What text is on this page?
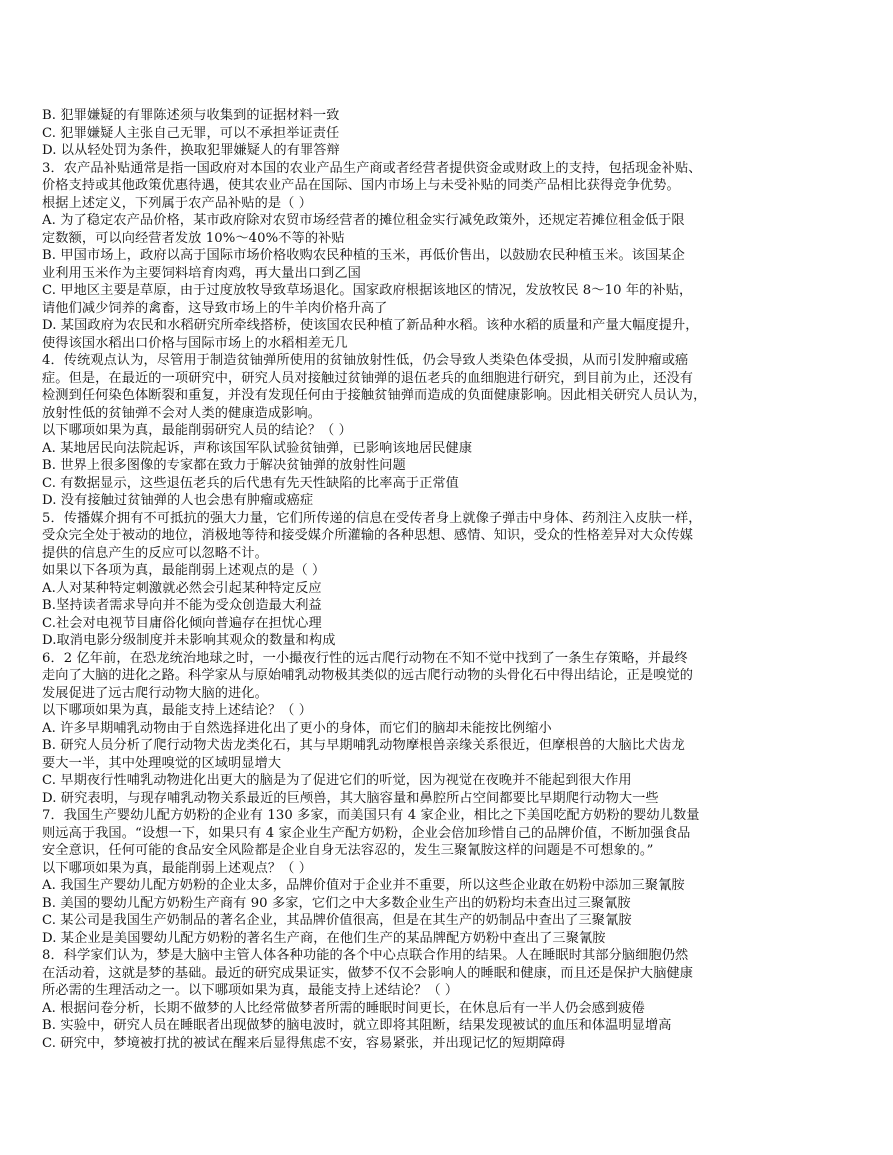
B. 犯罪嫌疑的有罪陈述须与收集到的证据材料一致
C. 犯罪嫌疑人主张自己无罪，可以不承担举证责任
D. 以从轻处罚为条件，换取犯罪嫌疑人的有罪答辩
3．农产品补贴通常是指一国政府对本国的农业产品生产商或者经营者提供资金或财政上的支持，包括现金补贴、
价格支持或其他政策优惠待遇，使其农业产品在国际、国内市场上与未受补贴的同类产品相比获得竞争优势。
根据上述定义，下列属于农产品补贴的是（ ）
A. 为了稳定农产品价格，某市政府除对农贸市场经营者的摊位租金实行减免政策外，还规定若摊位租金低于限
定数额，可以向经营者发放 10%～40%不等的补贴
B. 甲国市场上，政府以高于国际市场价格收购农民种植的玉米，再低价售出，以鼓励农民种植玉米。该国某企
业利用玉米作为主要饲料培育肉鸡，再大量出口到乙国
C. 甲地区主要是草原，由于过度放牧导致草场退化。国家政府根据该地区的情况，发放牧民 8～10 年的补贴，
请他们减少饲养的禽畜，这导致市场上的牛羊肉价格升高了
D. 某国政府为农民和水稻研究所牵线搭桥，使该国农民种植了新品种水稻。该种水稻的质量和产量大幅度提升，
使得该国水稻出口价格与国际市场上的水稻相差无几
4．传统观点认为，尽管用于制造贫铀弹所使用的贫铀放射性低，仍会导致人类染色体受损，从而引发肿瘤或癌
症。但是，在最近的一项研究中，研究人员对接触过贫铀弹的退伍老兵的血细胞进行研究，到目前为止，还没有
检测到任何染色体断裂和重复，并没有发现任何由于接触贫铀弹而造成的负面健康影响。因此相关研究人员认为，
放射性低的贫铀弹不会对人类的健康造成影响。
以下哪项如果为真，最能削弱研究人员的结论？（ ）
A. 某地居民向法院起诉，声称该国军队试验贫铀弹，已影响该地居民健康
B. 世界上很多图像的专家都在致力于解决贫铀弹的放射性问题
C. 有数据显示，这些退伍老兵的后代患有先天性缺陷的比率高于正常值
D. 没有接触过贫铀弹的人也会患有肿瘤或癌症
5．传播媒介拥有不可抵抗的强大力量，它们所传递的信息在受传者身上就像子弹击中身体、药剂注入皮肤一样，
受众完全处于被动的地位，消极地等待和接受媒介所灌输的各种思想、感情、知识，受众的性格差异对大众传媒
提供的信息产生的反应可以忽略不计。
如果以下各项为真，最能削弱上述观点的是（ ）
A.人对某种特定刺激就必然会引起某种特定反应
B.坚持读者需求导向并不能为受众创造最大利益
C.社会对电视节目庸俗化倾向普遍存在担忧心理
D.取消电影分级制度并未影响其观众的数量和构成
6．2 亿年前，在恐龙统治地球之时，一小撮夜行性的远古爬行动物在不知不觉中找到了一条生存策略，并最终
走向了大脑的进化之路。科学家从与原始哺乳动物极其类似的远古爬行动物的头骨化石中得出结论，正是嗅觉的
发展促进了远古爬行动物大脑的进化。
以下哪项如果为真，最能支持上述结论？（ ）
A. 许多早期哺乳动物由于自然选择进化出了更小的身体，而它们的脑却未能按比例缩小
B. 研究人员分析了爬行动物犬齿龙类化石，其与早期哺乳动物摩根兽亲缘关系很近，但摩根兽的大脑比犬齿龙
要大一半，其中处理嗅觉的区域明显增大
C. 早期夜行性哺乳动物进化出更大的脑是为了促进它们的听觉，因为视觉在夜晚并不能起到很大作用
D. 研究表明，与现存哺乳动物关系最近的巨颅兽，其大脑容量和鼻腔所占空间都要比早期爬行动物大一些
7．我国生产婴幼儿配方奶粉的企业有 130 多家，而美国只有 4 家企业，相比之下美国吃配方奶粉的婴幼儿数量
则远高于我国。“设想一下，如果只有 4 家企业生产配方奶粉，企业会倍加珍惜自己的品牌价值，不断加强食品
安全意识，任何可能的食品安全风险都是企业自身无法容忍的，发生三聚氰胺这样的问题是不可想象的。”
以下哪项如果为真，最能削弱上述观点？（ ）
A. 我国生产婴幼儿配方奶粉的企业太多，品牌价值对于企业并不重要，所以这些企业敢在奶粉中添加三聚氰胺
B. 美国的婴幼儿配方奶粉生产商有 90 多家，它们之中大多数企业生产出的奶粉均未查出过三聚氰胺
C. 某公司是我国生产奶制品的著名企业，其品牌价值很高，但是在其生产的奶制品中查出了三聚氰胺
D. 某企业是美国婴幼儿配方奶粉的著名生产商，在他们生产的某品牌配方奶粉中查出了三聚氰胺
8．科学家们认为，梦是大脑中主管人体各种功能的各个中心点联合作用的结果。人在睡眠时其部分脑细胞仍然
在活动着，这就是梦的基础。最近的研究成果证实，做梦不仅不会影响人的睡眠和健康，而且还是保护大脑健康
所必需的生理活动之一。以下哪项如果为真，最能支持上述结论？（ ）
A. 根据问卷分析，长期不做梦的人比经常做梦者所需的睡眠时间更长，在休息后有一半人仍会感到疲倦
B. 实验中，研究人员在睡眠者出现做梦的脑电波时，就立即将其阻断，结果发现被试的血压和体温明显增高
C. 研究中，梦境被打扰的被试在醒来后显得焦虑不安，容易紧张，并出现记忆的短期障碍
